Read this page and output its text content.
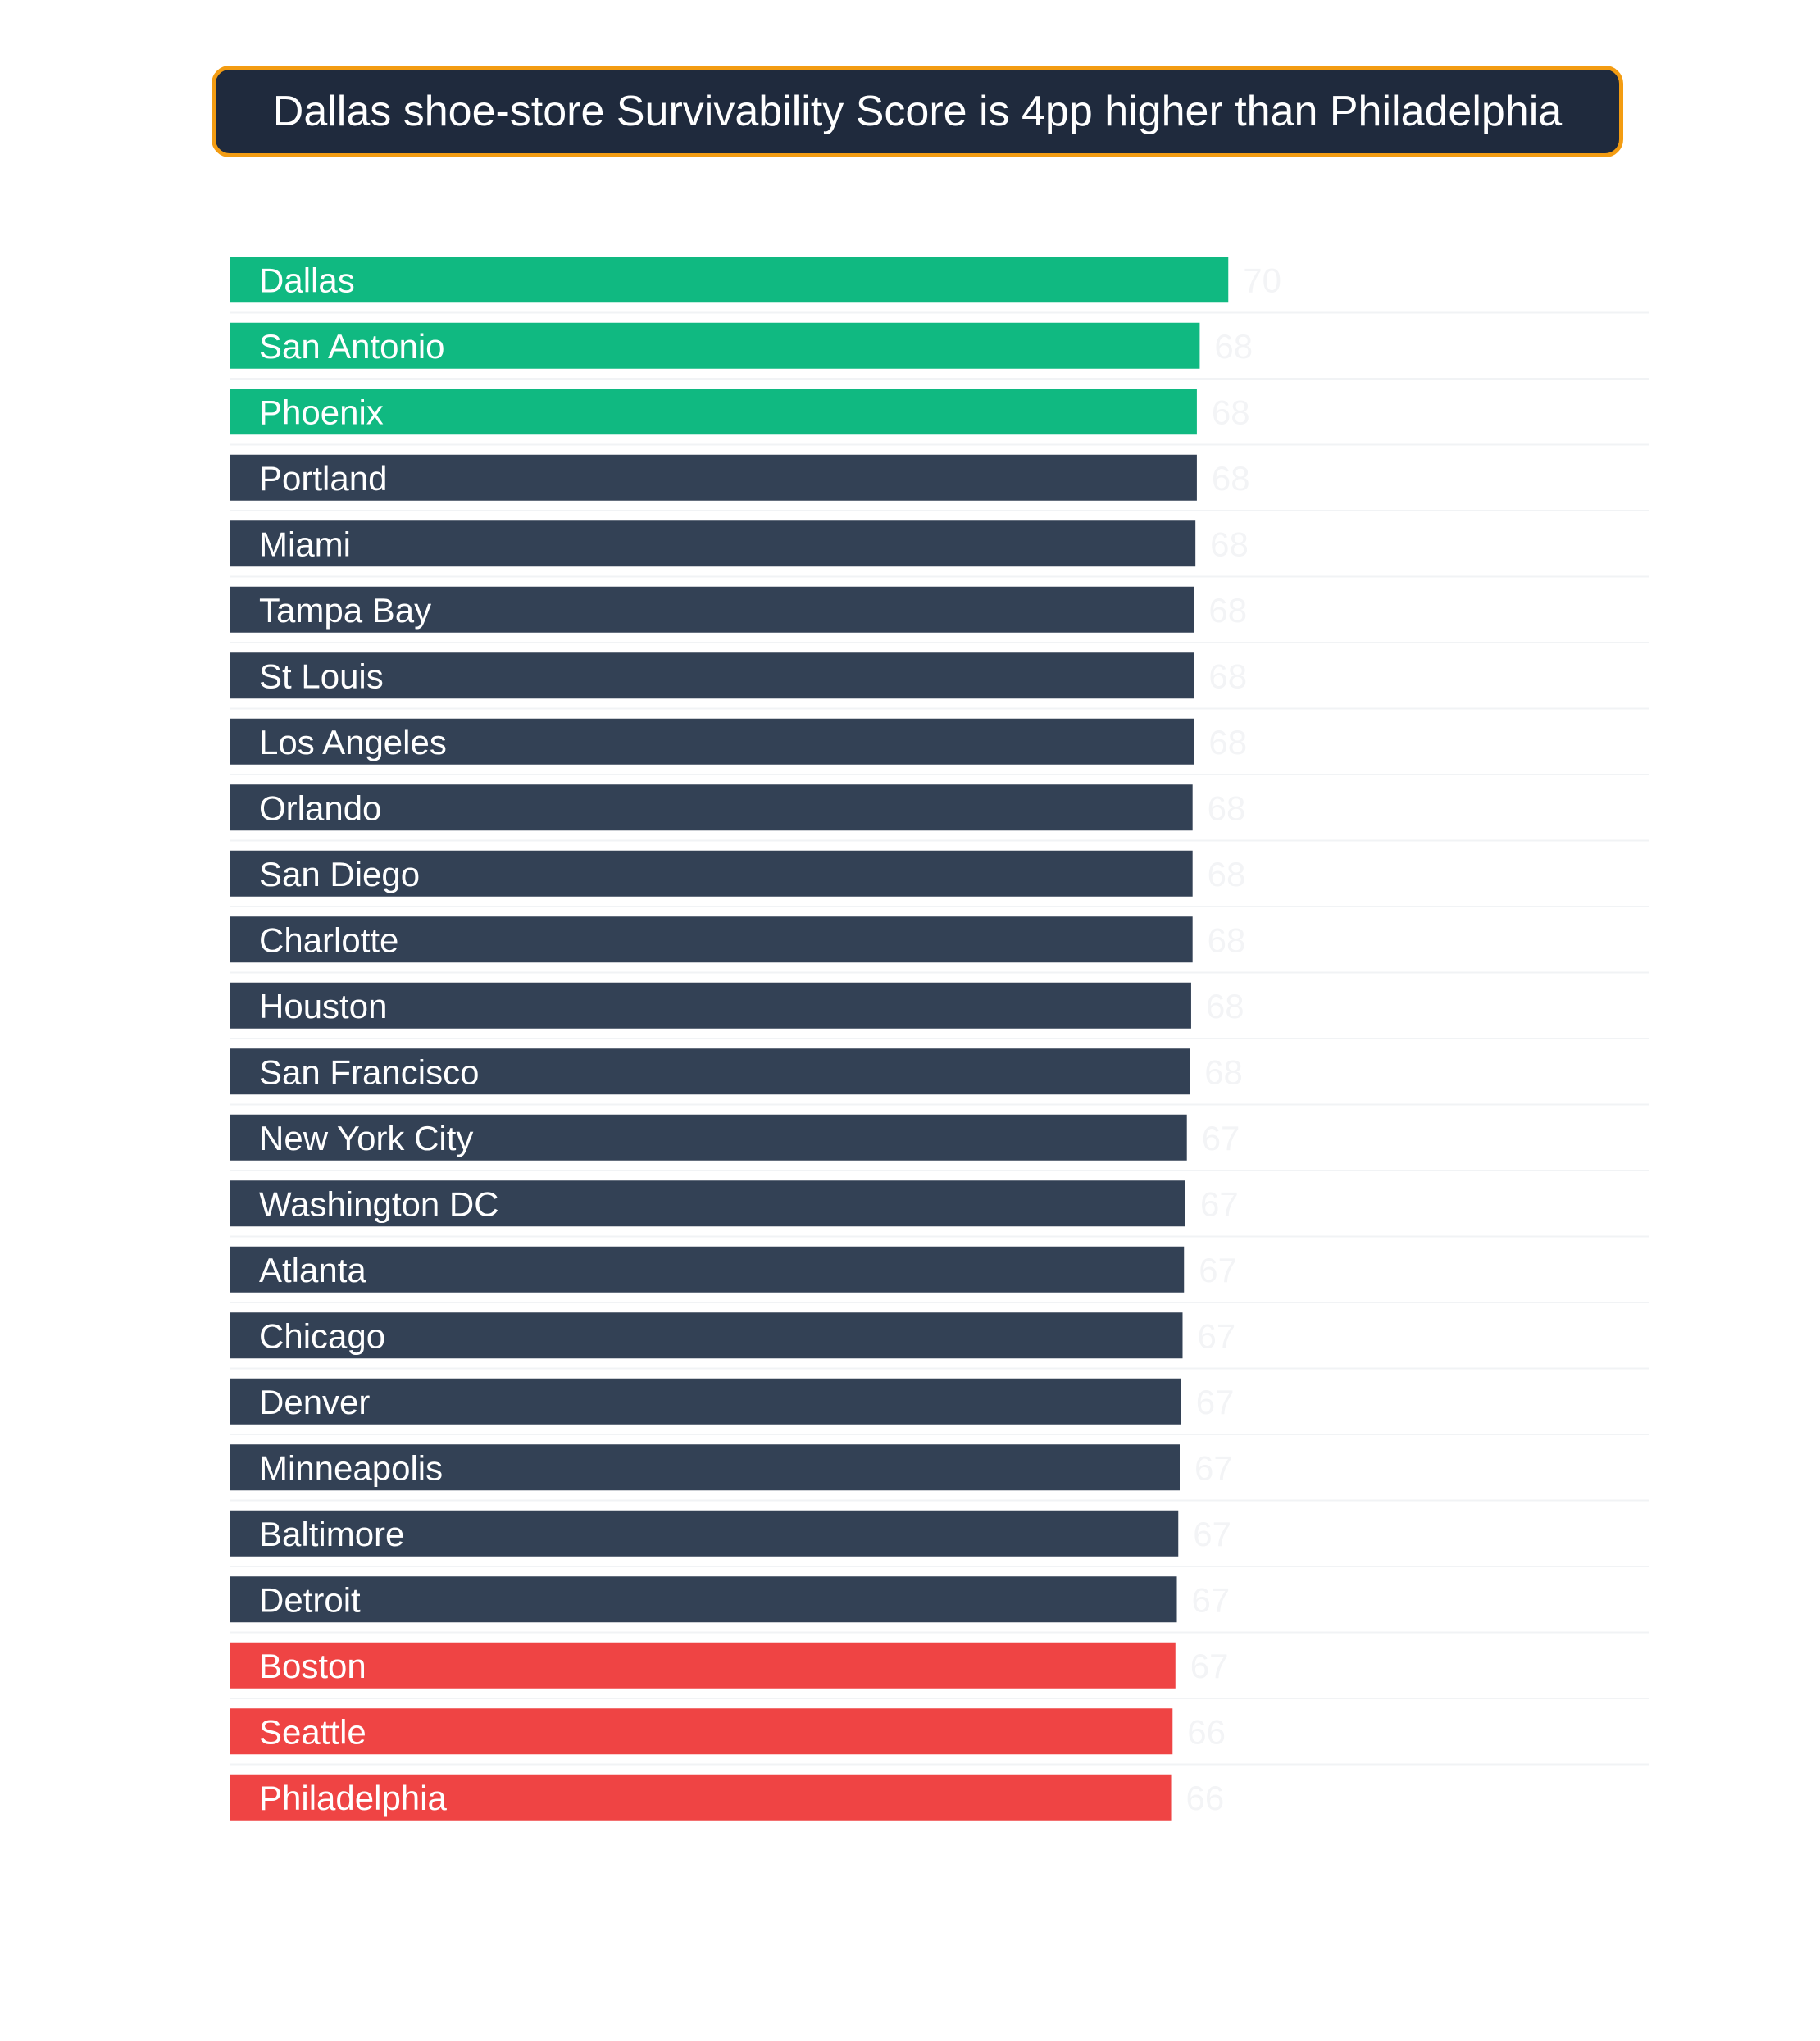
Dallas shoe-store Survivability Score is 4pp higher than Philadelphia
Dallas	70
San Antonio	68
Phoenix	68
Portland	68
Miami	68
Tampa Bay	68
St Louis	68
Los Angeles	68
Orlando	68
San Diego	68
Charlotte	68
Houston	68
San Francisco	68
New York City	67
Washington DC	67
Atlanta	67
Chicago	67
Denver	67
Minneapolis	67
Baltimore	67
Detroit	67
Boston	67
Seattle	66
Philadelphia	66
